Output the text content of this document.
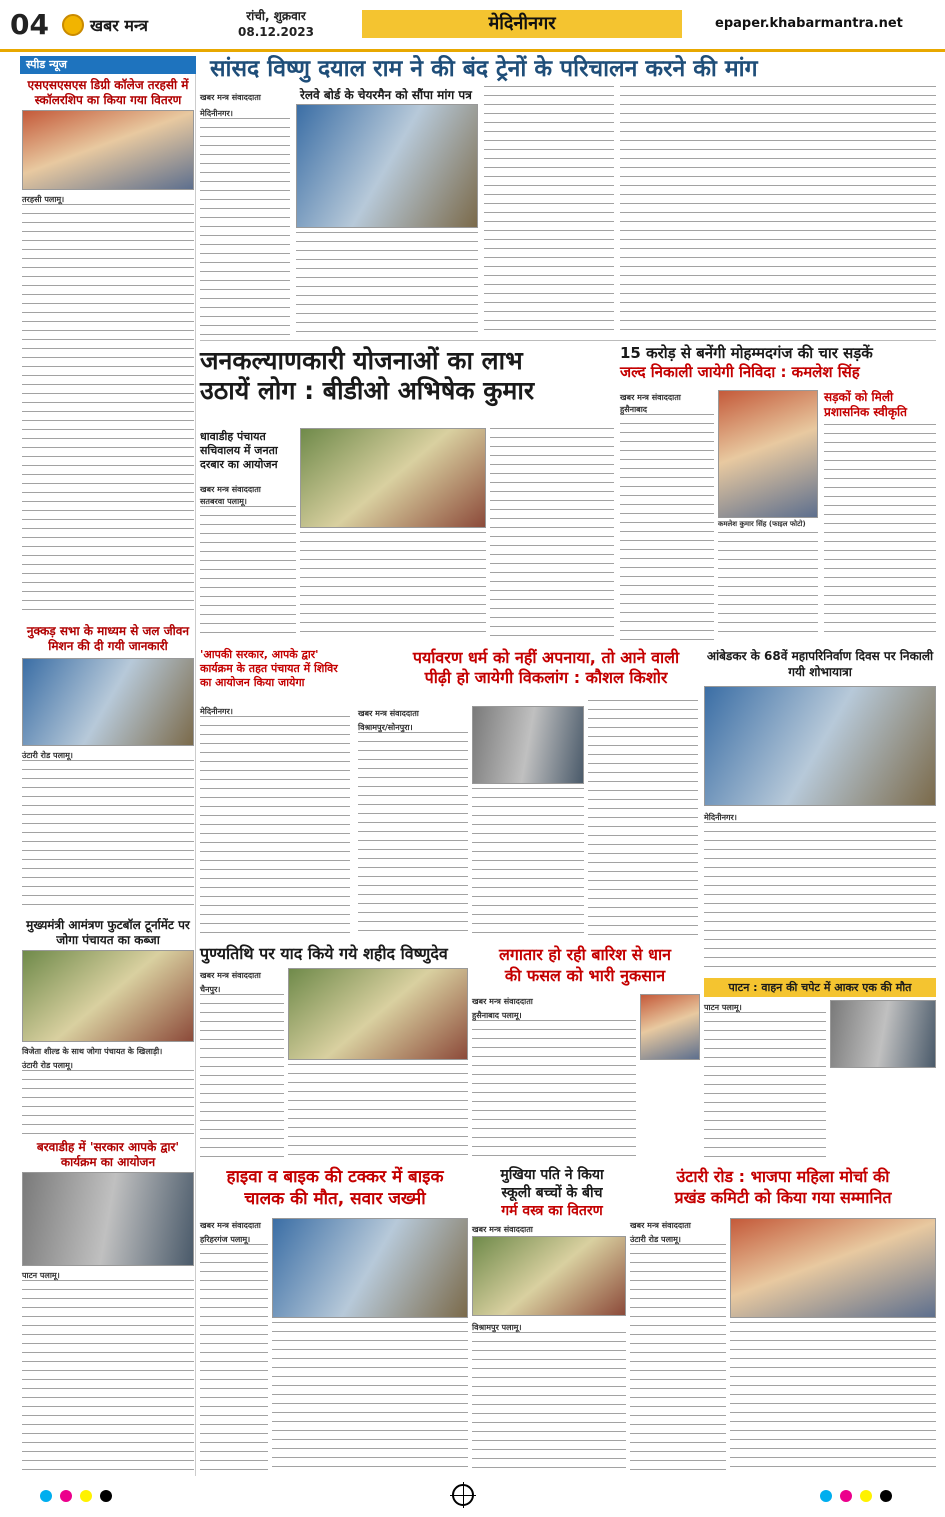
04	खबर मन्त्र	रांची, शुक्रवार
08.12.2023	मेदिनीनगर	epaper.khabarmantra.net
स्पीड न्यूज
एसएसएसएस डिग्री कॉलेज तरहसी में स्कॉलरशिप का किया गया वितरण
तरहसी पलामू।
नुक्कड़ सभा के माध्यम से जल जीवन मिशन की दी गयी जानकारी
उंटारी रोड पलामू।
मुख्यमंत्री आमंत्रण फुटबॉल टूर्नामेंट पर जोगा पंचायत का कब्जा
विजेता शील्ड के साथ जोगा पंचायत के खिलाड़ी।
उंटारी रोड पलामू।
बरवाडीह में 'सरकार आपके द्वार' कार्यक्रम का आयोजन
पाटन पलामू।
सांसद विष्णु दयाल राम ने की बंद ट्रेनों के परिचालन करने की मांग
रेलवे बोर्ड के चेयरमैन को सौंपा मांग पत्र
खबर मन्त्र संवाददाता
मेदिनीनगर।
जनकल्याणकारी योजनाओं का लाभ
उठायें लोग : बीडीओ अभिषेक कुमार
धावाडीह पंचायत सचिवालय में जनता दरबार का आयोजन
खबर मन्त्र संवाददाता
सतबरवा पलामू।
15 करोड़ से बनेंगी मोहम्मदगंज की चार सड़कें
जल्द निकाली जायेगी निविदा : कमलेश सिंह
खबर मन्त्र संवाददाता
कमलेश कुमार सिंह (फाइल फोटो)
सड़कों को मिली प्रशासनिक स्वीकृति
हुसैनाबाद
'आपकी सरकार, आपके द्वार' कार्यक्रम के तहत पंचायत में शिविर का आयोजन किया जायेगा
मेदिनीनगर।
पर्यावरण धर्म को नहीं अपनाया, तो आने वाली
पीढ़ी हो जायेगी विकलांग : कौशल किशोर
खबर मन्त्र संवाददाता
विश्रामपुर/सोनपुरा।
आंबेडकर के 68वें महापरिनिर्वाण दिवस पर निकाली गयी शोभायात्रा
मेदिनीनगर।
पुण्यतिथि पर याद किये गये शहीद विष्णुदेव
खबर मन्त्र संवाददाता
चैनपुर।
लगातार हो रही बारिश से धान
की फसल को भारी नुकसान
खबर मन्त्र संवाददाता
हुसैनाबाद पलामू।
पाटन : वाहन की चपेट में आकर एक की मौत
पाटन पलामू।
हाइवा व बाइक की टक्कर में बाइक
चालक की मौत, सवार जख्मी
खबर मन्त्र संवाददाता
हरिहरगंज पलामू।
मुखिया पति ने किया
स्कूली बच्चों के बीच
गर्म वस्त्र का वितरण
खबर मन्त्र संवाददाता
विश्रामपुर पलामू।
उंटारी रोड : भाजपा महिला मोर्चा की
प्रखंड कमिटी को किया गया सम्मानित
खबर मन्त्र संवाददाता
उंटारी रोड पलामू।
